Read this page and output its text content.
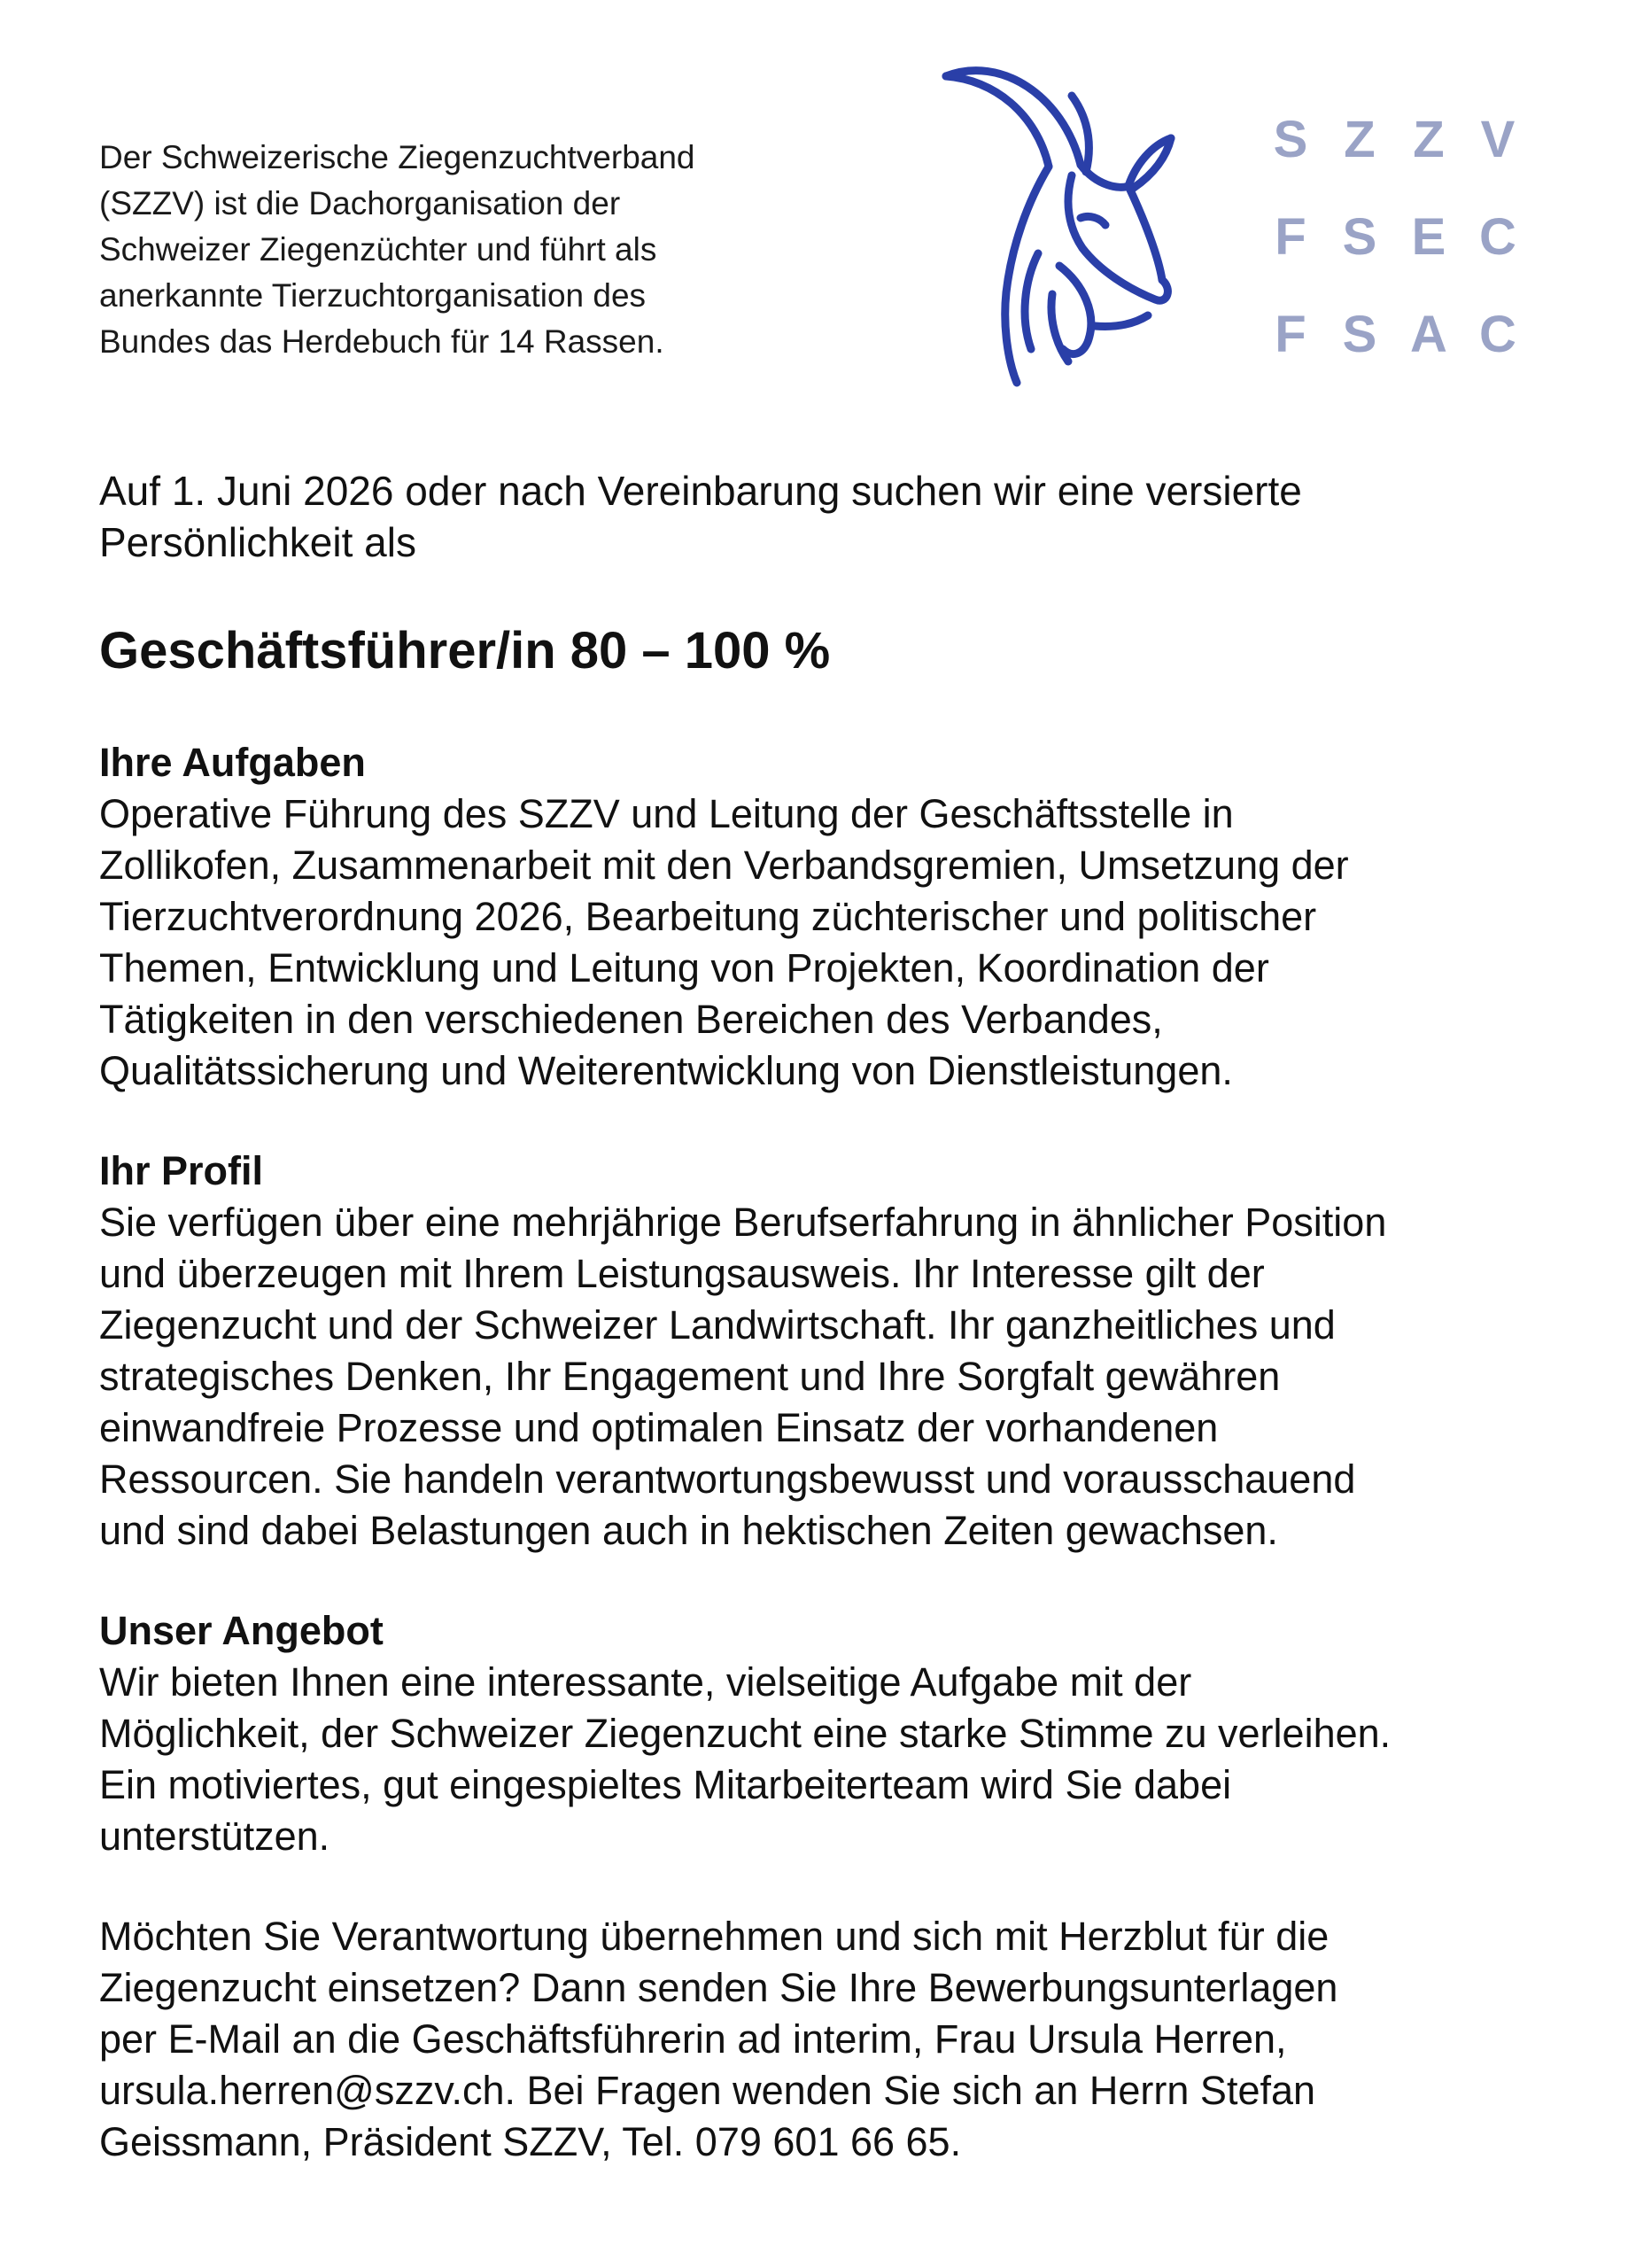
Der Schweizerische Ziegenzuchtverband
(SZZV) ist die Dachorganisation der
Schweizer Ziegenzüchter und führt als
anerkannte Tierzuchtorganisation des
Bundes das Herdebuch für 14 Rassen.
S Z Z V
F S E C
F S A C
Auf 1. Juni 2026 oder nach Vereinbarung suchen wir eine versierte
Persönlichkeit als
Geschäftsführer/in 80 – 100 %
Ihre Aufgaben

Operative Führung des SZZV und Leitung der Geschäftsstelle in

Zollikofen, Zusammenarbeit mit den Verbandsgremien, Umsetzung der

Tierzuchtverordnung 2026, Bearbeitung züchterischer und politischer

Themen, Entwicklung und Leitung von Projekten, Koordination der

Tätigkeiten in den verschiedenen Bereichen des Verbandes,

Qualitätssicherung und Weiterentwicklung von Dienstleistungen.

Ihr Profil

Sie verfügen über eine mehrjährige Berufserfahrung in ähnlicher Position

und überzeugen mit Ihrem Leistungsausweis. Ihr Interesse gilt der

Ziegenzucht und der Schweizer Landwirtschaft. Ihr ganzheitliches und

strategisches Denken, Ihr Engagement und Ihre Sorgfalt gewähren

einwandfreie Prozesse und optimalen Einsatz der vorhandenen

Ressourcen. Sie handeln verantwortungsbewusst und vorausschauend

und sind dabei Belastungen auch in hektischen Zeiten gewachsen.

Unser Angebot

Wir bieten Ihnen eine interessante, vielseitige Aufgabe mit der

Möglichkeit, der Schweizer Ziegenzucht eine starke Stimme zu verleihen.

Ein motiviertes, gut eingespieltes Mitarbeiterteam wird Sie dabei

unterstützen.

Möchten Sie Verantwortung übernehmen und sich mit Herzblut für die

Ziegenzucht einsetzen? Dann senden Sie Ihre Bewerbungsunterlagen

per E-Mail an die Geschäftsführerin ad interim, Frau Ursula Herren,

ursula.herren@szzv.ch. Bei Fragen wenden Sie sich an Herrn Stefan

Geissmann, Präsident SZZV, Tel. 079 601 66 65.
